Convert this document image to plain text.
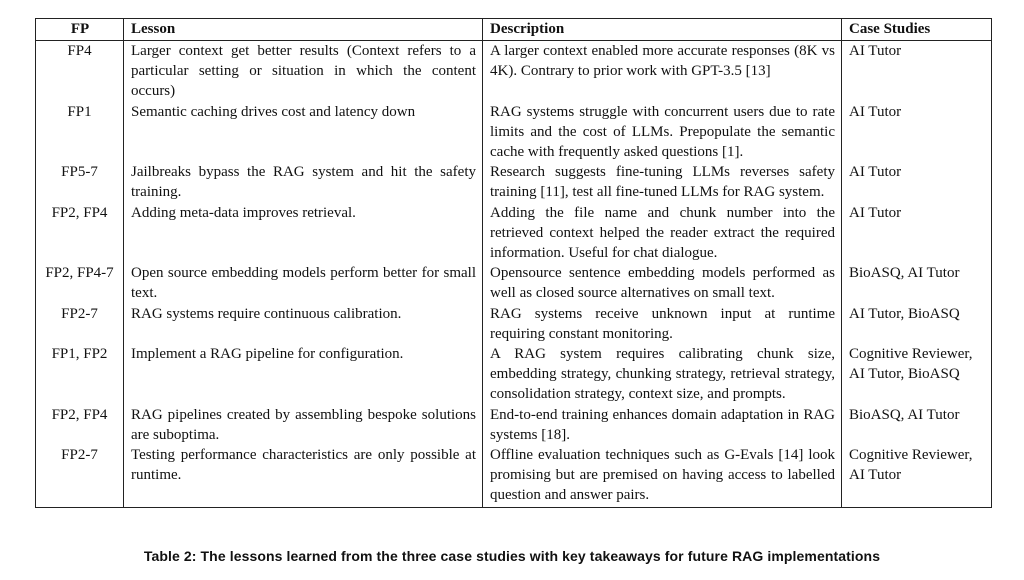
FP	Lesson	Description	Case Studies
FP4	Larger context get better results (Context refers to a particular setting or situation in which the content occurs)	A larger context enabled more accurate responses (8K vs 4K). Contrary to prior work with GPT-3.5 [13]	AI Tutor
FP1	Semantic caching drives cost and latency down	RAG systems struggle with concurrent users due to rate limits and the cost of LLMs. Prepopulate the semantic cache with frequently asked questions [1].	AI Tutor
FP5-7	Jailbreaks bypass the RAG system and hit the safety training.	Research suggests fine-tuning LLMs reverses safety training [11], test all fine-tuned LLMs for RAG system.	AI Tutor
FP2, FP4	Adding meta-data improves retrieval.	Adding the file name and chunk number into the retrieved context helped the reader extract the required information. Useful for chat dialogue.	AI Tutor
FP2, FP4-7	Open source embedding models perform better for small text.	Opensource sentence embedding models performed as well as closed source alternatives on small text.	BioASQ, AI Tutor
FP2-7	RAG systems require continuous calibration.	RAG systems receive unknown input at runtime requiring constant monitoring.	AI Tutor, BioASQ
FP1, FP2	Implement a RAG pipeline for configuration.	A RAG system requires calibrating chunk size, embedding strategy, chunking strategy, retrieval strategy, consolidation strategy, context size, and prompts.	Cognitive Reviewer, AI Tutor, BioASQ
FP2, FP4	RAG pipelines created by assembling bespoke solutions are suboptima.	End-to-end training enhances domain adaptation in RAG systems [18].	BioASQ, AI Tutor
FP2-7	Testing performance characteristics are only possible at runtime.	Offline evaluation techniques such as G-Evals [14] look promising but are premised on having access to labelled question and answer pairs.	Cognitive Reviewer, AI Tutor
Table 2: The lessons learned from the three case studies with key takeaways for future RAG implementations
